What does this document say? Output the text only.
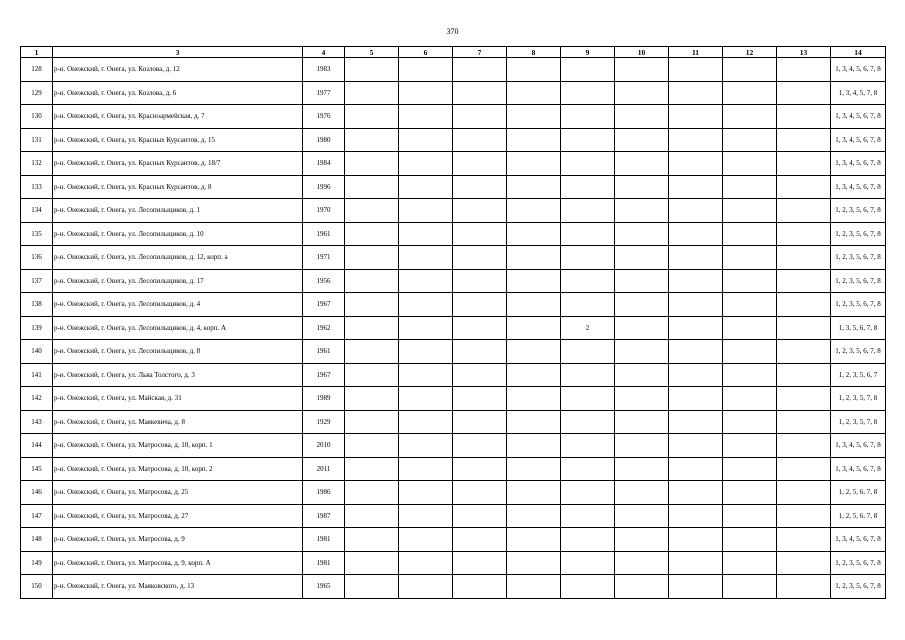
370
1	3	4	5	6	7	8	9	10	11	12	13	14
128	р-н. Онежский, г. Онега, ул. Козлова, д. 12	1983										1, 3, 4, 5, 6, 7, 8
129	р-н. Онежский, г. Онега, ул. Козлова, д. 6	1977										1, 3, 4, 5, 7, 8
130	р-н. Онежский, г. Онега, ул. Красноармейская, д. 7	1976										1, 3, 4, 5, 6, 7, 8
131	р-н. Онежский, г. Онега, ул. Красных Курсантов, д. 15	1980										1, 3, 4, 5, 6, 7, 8
132	р-н. Онежский, г. Онега, ул. Красных Курсантов, д. 18/7	1984										1, 3, 4, 5, 6, 7, 8
133	р-н. Онежский, г. Онега, ул. Красных Курсантов, д. 8	1996										1, 3, 4, 5, 6, 7, 8
134	р-н. Онежский, г. Онега, ул. Лесопильщиков, д. 1	1970										1, 2, 3, 5, 6, 7, 8
135	р-н. Онежский, г. Онега, ул. Лесопильщиков, д. 10	1961										1, 2, 3, 5, 6, 7, 8
136	р-н. Онежский, г. Онега, ул. Лесопильщиков, д. 12, корп. а	1971										1, 2, 3, 5, 6, 7, 8
137	р-н. Онежский, г. Онега, ул. Лесопильщиков, д. 17	1956										1, 2, 3, 5, 6, 7, 8
138	р-н. Онежский, г. Онега, ул. Лесопильщиков, д. 4	1967										1, 2, 3, 5, 6, 7, 8
139	р-н. Онежский, г. Онега, ул. Лесопильщиков, д. 4, корп. А	1962					2					1, 3, 5, 6, 7, 8
140	р-н. Онежский, г. Онега, ул. Лесопильщиков, д. 8	1961										1, 2, 3, 5, 6, 7, 8
141	р-н. Онежский, г. Онега, ул. Льва Толстого, д. 3	1967										1, 2, 3, 5, 6, 7
142	р-н. Онежский, г. Онега, ул. Майская, д. 31	1989										1, 2, 3, 5, 7, 8
143	р-н. Онежский, г. Онега, ул. Маякевича, д. 8	1929										1, 2, 3, 5, 7, 8
144	р-н. Онежский, г. Онега, ул. Матросова, д. 10, корп. 1	2010										1, 3, 4, 5, 6, 7, 8
145	р-н. Онежский, г. Онега, ул. Матросова, д. 10, корп. 2	2011										1, 3, 4, 5, 6, 7, 8
146	р-н. Онежский, г. Онега, ул. Матросова, д. 25	1986										1, 2, 5, 6, 7, 8
147	р-н. Онежский, г. Онега, ул. Матросова, д. 27	1987										1, 2, 5, 6, 7, 8
148	р-н. Онежский, г. Онега, ул. Матросова, д. 9	1981										1, 3, 4, 5, 6, 7, 8
149	р-н. Онежский, г. Онега, ул. Матросова, д. 9, корп. А	1981										1, 2, 3, 5, 6, 7, 8
150	р-н. Онежский, г. Онега, ул. Маяковского, д. 13	1965										1, 2, 3, 5, 6, 7, 8
